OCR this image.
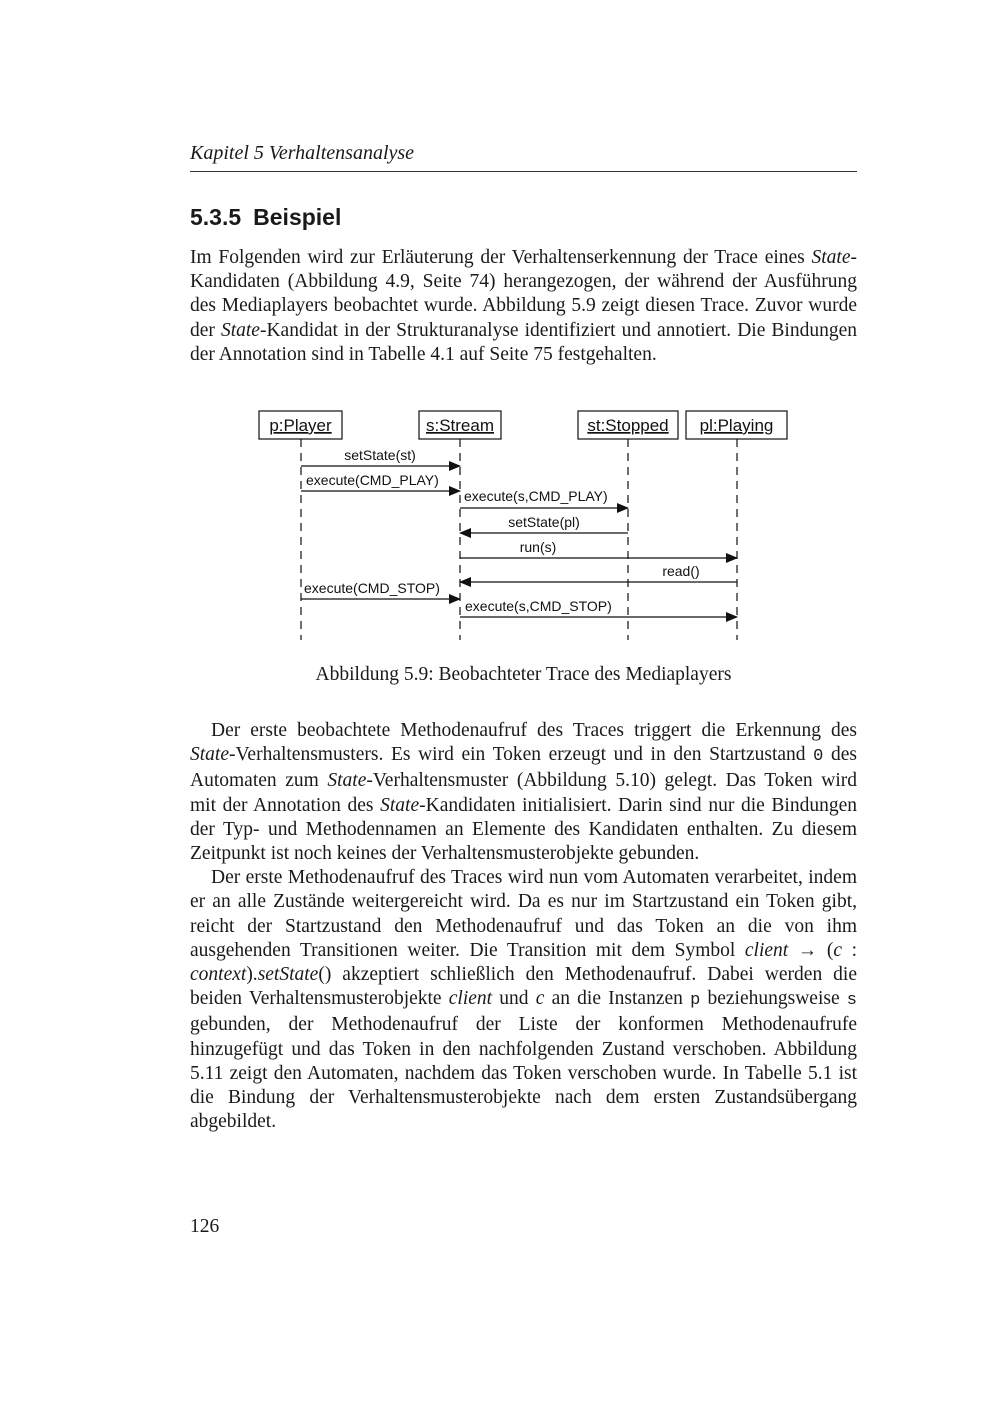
Kapitel 5 Verhaltensanalyse
5.3.5 Beispiel

Im Folgenden wird zur Erläuterung der Verhaltenserkennung der Trace eines State-Kandidaten (Abbildung 4.9, Seite 74) herangezogen, der während der Ausführung des Mediaplayers beobachtet wurde. Abbildung 5.9 zeigt diesen Trace. Zuvor wurde der State-Kandidat in der Strukturanalyse identifiziert und annotiert. Die Bindungen der Annotation sind in Tabelle 4.1 auf Seite 75 festgehalten.

p:Player	s:Stream	st:Stopped pl:Playing
setState(st)
execute(CMD_PLAY)
execute(s,CMD_PLAY)
setState(pl)
run(s)
read()
execute(CMD_STOP)
execute(s,CMD_STOP)
Abbildung 5.9: Beobachteter Trace des Mediaplayers

Der erste beobachtete Methodenaufruf des Traces triggert die Erkennung des State-Verhaltensmusters. Es wird ein Token erzeugt und in den Startzustand 0 des Automaten zum State-Verhaltensmuster (Abbildung 5.10) gelegt. Das Token wird mit der Annotation des State-Kandidaten initialisiert. Darin sind nur die Bindungen der Typ- und Methodennamen an Elemente des Kandidaten enthalten. Zu diesem Zeitpunkt ist noch keines der Verhaltensmusterobjekte gebunden.

Der erste Methodenaufruf des Traces wird nun vom Automaten verarbeitet, indem er an alle Zustände weitergereicht wird. Da es nur im Startzustand ein Token gibt, reicht der Startzustand den Methodenaufruf und das Token an die von ihm ausgehenden Transitionen weiter. Die Transition mit dem Symbol client → (c : context).setState() akzeptiert schließlich den Methodenaufruf. Dabei werden die beiden Verhaltensmusterobjekte client und c an die Instanzen p beziehungsweise s gebunden, der Methodenaufruf der Liste der konformen Methodenaufrufe hinzugefügt und das Token in den nachfolgenden Zustand verschoben. Abbildung 5.11 zeigt den Automaten, nachdem das Token verschoben wurde. In Tabelle 5.1 ist die Bindung der Verhaltensmusterobjekte nach dem ersten Zustandsübergang abgebildet.

126
